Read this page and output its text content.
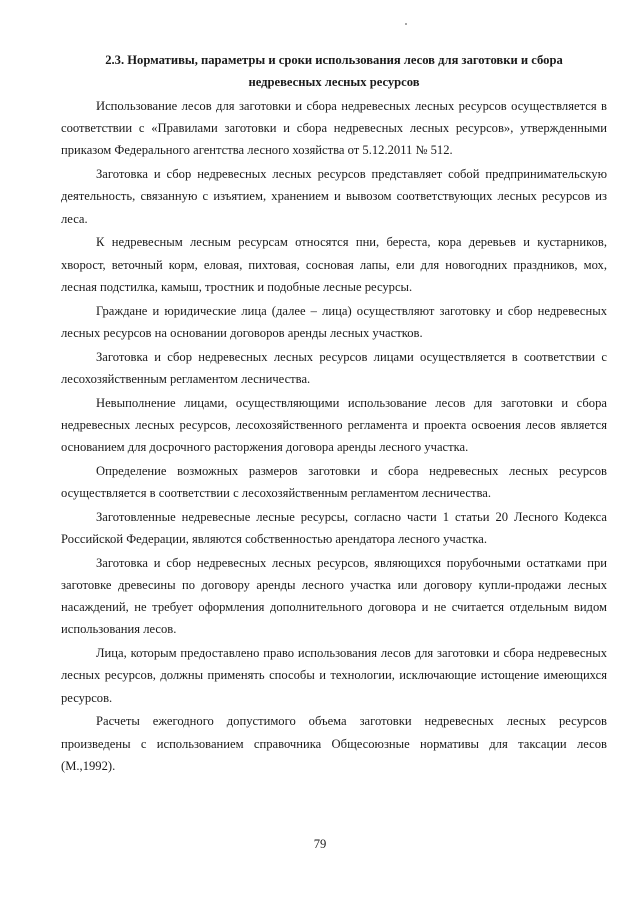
2.3. Нормативы, параметры и сроки использования лесов для заготовки и сбора
недревесных лесных ресурсов

Использование лесов для заготовки и сбора недревесных лесных ресурсов осуществляется в соответствии с «Правилами заготовки и сбора недревесных лесных ресурсов», утвержденными приказом Федерального агентства лесного хозяйства от 5.12.2011 № 512.

Заготовка и сбор недревесных лесных ресурсов представляет собой предпринимательскую деятельность, связанную с изъятием, хранением и вывозом соответствующих лесных ресурсов из леса.

К недревесным лесным ресурсам относятся пни, береста, кора деревьев и кустарников, хворост, веточный корм, еловая, пихтовая, сосновая лапы, ели для новогодних праздников, мох, лесная подстилка, камыш, тростник и подобные лесные ресурсы.

Граждане и юридические лица (далее – лица) осуществляют заготовку и сбор недревесных лесных ресурсов на основании договоров аренды лесных участков.

Заготовка и сбор недревесных лесных ресурсов лицами осуществляется в соответствии с лесохозяйственным регламентом лесничества.

Невыполнение лицами, осуществляющими использование лесов для заготовки и сбора недревесных лесных ресурсов, лесохозяйственного регламента и проекта освоения лесов является основанием для досрочного расторжения договора аренды лесного участка.

Определение возможных размеров заготовки и сбора недревесных лесных ресурсов осуществляется в соответствии с лесохозяйственным регламентом лесничества.

Заготовленные недревесные лесные ресурсы, согласно части 1 статьи 20 Лесного Кодекса Российской Федерации, являются собственностью арендатора лесного участка.

Заготовка и сбор недревесных лесных ресурсов, являющихся порубочными остатками при заготовке древесины по договору аренды лесного участка или договору купли-продажи лесных насаждений, не требует оформления дополнительного договора и не считается отдельным видом использования лесов.

Лица, которым предоставлено право использования лесов для заготовки и сбора недревесных лесных ресурсов, должны применять способы и технологии, исключающие истощение имеющихся ресурсов.

Расчеты ежегодного допустимого объема заготовки недревесных лесных ресурсов произведены с использованием справочника Общесоюзные нормативы для таксации лесов (М.,1992).

79
